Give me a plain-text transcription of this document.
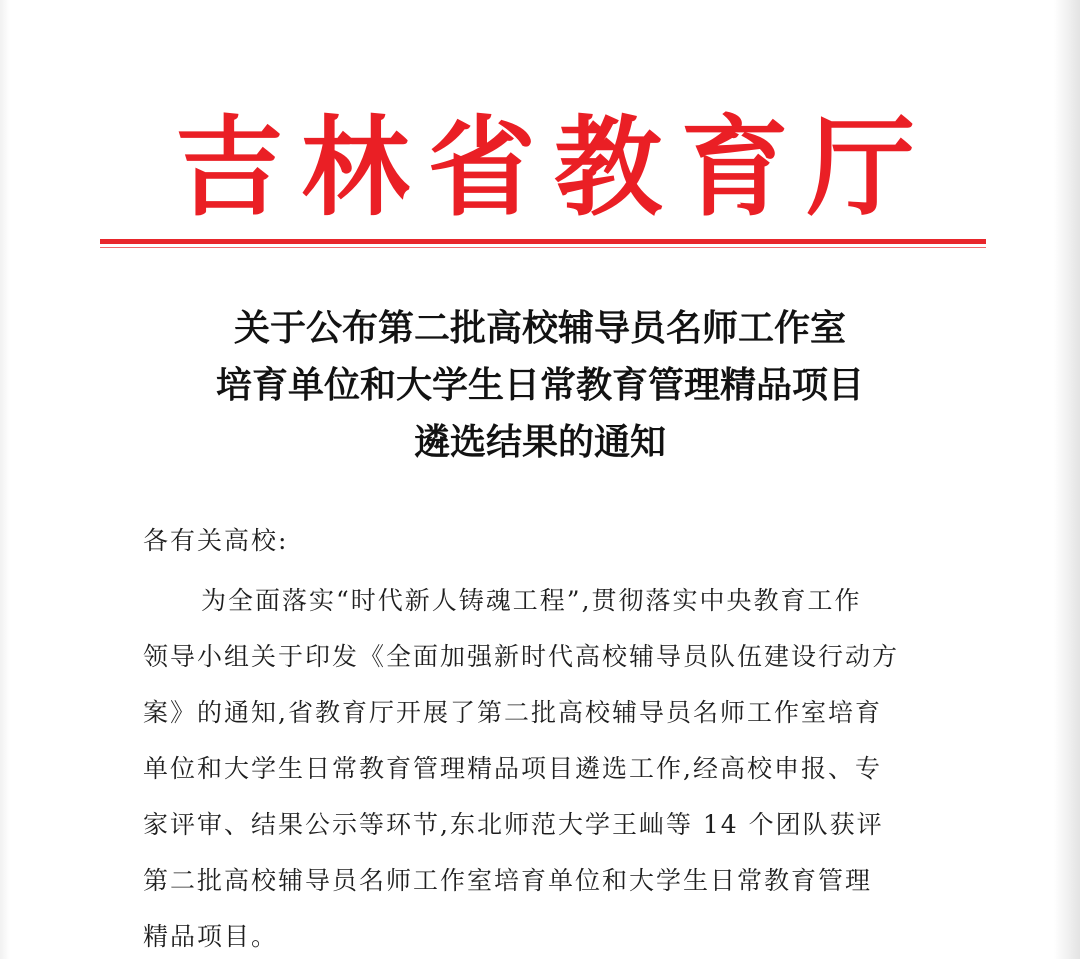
吉 林 省 教 育 厅
关于公布第二批高校辅导员名师工作室
培育单位和大学生日常教育管理精品项目
遴选结果的通知

各有关高校:

为全面落实“时代新人铸魂工程”,贯彻落实中央教育工作
领导小组关于印发《全面加强新时代高校辅导员队伍建设行动方
案》的通知,省教育厅开展了第二批高校辅导员名师工作室培育
单位和大学生日常教育管理精品项目遴选工作,经高校申报、专
家评审、结果公示等环节,东北师范大学王屾等 14 个团队获评
第二批高校辅导员名师工作室培育单位和大学生日常教育管理
精品项目。
